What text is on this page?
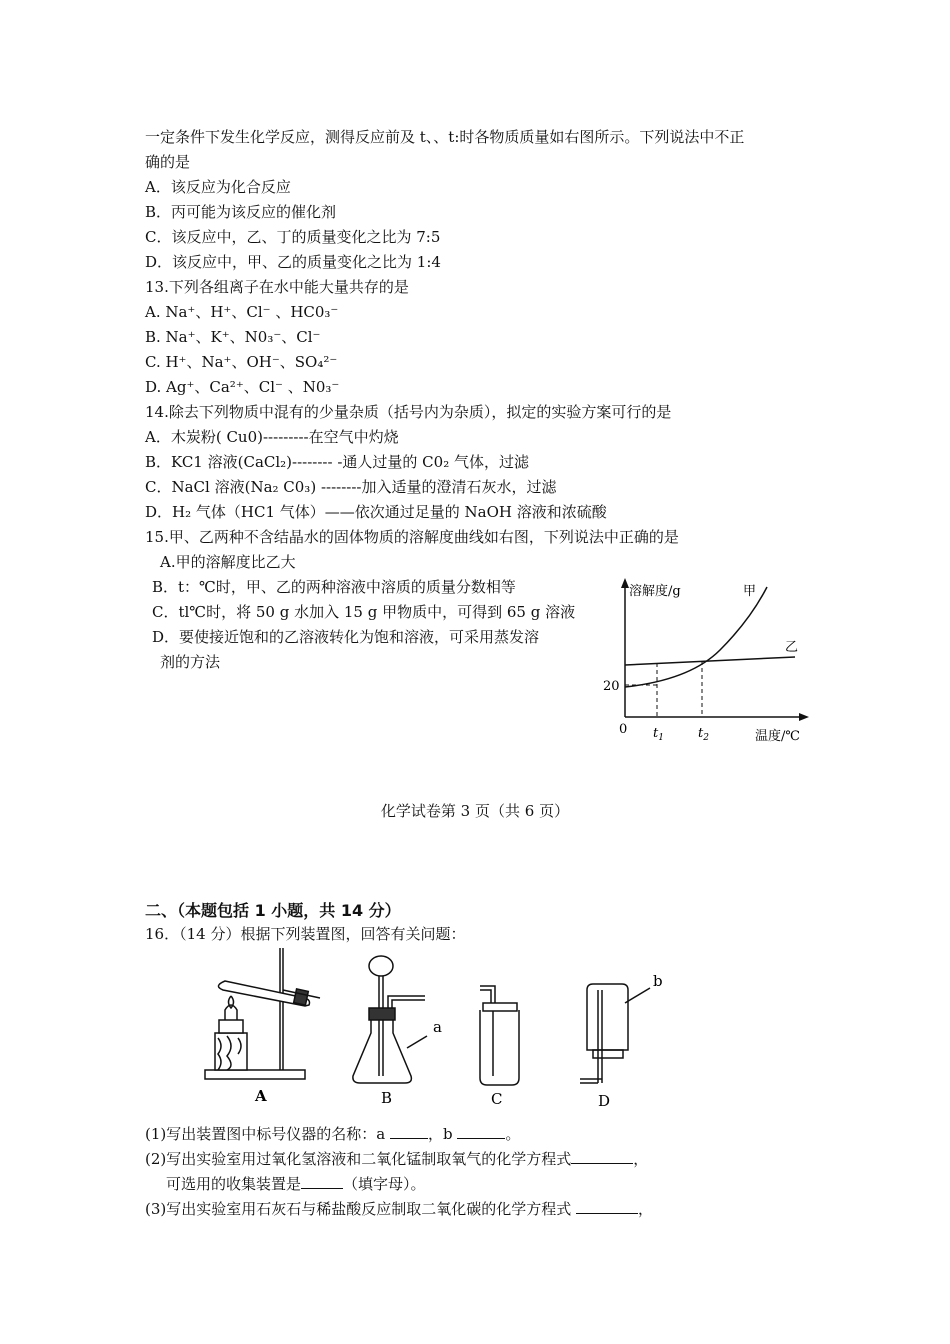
一定条件下发生化学反应，测得反应前及 t、、t:时各物质质量如右图所示。下列说法中不正
确的是
A．该反应为化合反应
B．丙可能为该反应的催化剂
C．该反应中，乙、丁的质量变化之比为 7:5
D．该反应中，甲、乙的质量变化之比为 1:4
13.下列各组离子在水中能大量共存的是
A. Na⁺、H⁺、Cl⁻ 、HC0₃⁻
B. Na⁺、K⁺、N0₃⁻、Cl⁻
C. H⁺、Na⁺、OH⁻、SO₄²⁻
D. Ag⁺、Ca²⁺、Cl⁻ 、N0₃⁻
14.除去下列物质中混有的少量杂质（括号内为杂质），拟定的实验方案可行的是
A．木炭粉( Cu0)---------在空气中灼烧
B．KC1 溶液(CaCl₂)-------- -通人过量的 C0₂ 气体，过滤
C．NaCl 溶液(Na₂ C0₃) --------加入适量的澄清石灰水，过滤
D．H₂ 气体（HC1 气体）——依次通过足量的 NaOH 溶液和浓硫酸
15.甲、乙两种不含结晶水的固体物质的溶解度曲线如右图，下列说法中正确的是
A.甲的溶解度比乙大
B．t：℃时，甲、乙的两种溶液中溶质的质量分数相等
C．tl℃时，将 50 g 水加入 15 g 甲物质中，可得到 65 g 溶液
D．要使接近饱和的乙溶液转化为饱和溶液，可采用蒸发溶
剂的方法
溶解度/g	甲
乙
20
0 $t_1$	$t_2$	温度/℃
化学试卷第 3 页（共 6 页）
二、（本题包括 1 小题，共 14 分）
16．（14 分）根据下列装置图，回答有关问题：
A	B	C	D
a
b
(1)写出装置图中标号仪器的名称：a	，b	。
(2)写出实验室用过氧化氢溶液和二氧化锰制取氧气的化学方程式	，
可选用的收集装置是	（填字母）。
(3)写出实验室用石灰石与稀盐酸反应制取二氧化碳的化学方程式	，
